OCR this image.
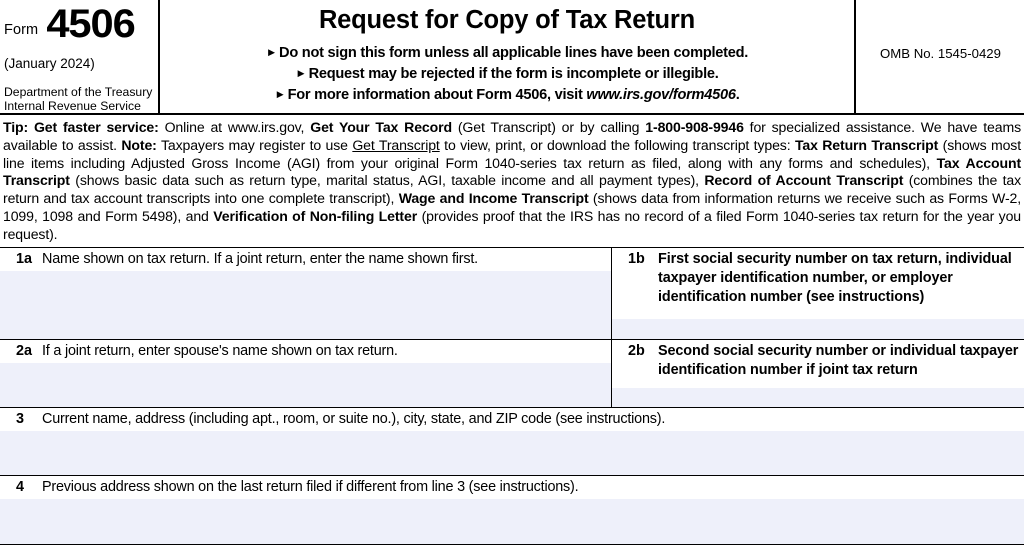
Form 4506
(January 2024)
Department of the Treasury
Internal Revenue Service
Request for Copy of Tax Return
► Do not sign this form unless all applicable lines have been completed.
► Request may be rejected if the form is incomplete or illegible.
► For more information about Form 4506, visit www.irs.gov/form4506.
OMB No. 1545-0429
Tip: Get faster service: Online at www.irs.gov, Get Your Tax Record (Get Transcript) or by calling 1-800-908-9946 for specialized assistance. We have teams available to assist. Note: Taxpayers may register to use Get Transcript to view, print, or download the following transcript types: Tax Return Transcript (shows most line items including Adjusted Gross Income (AGI) from your original Form 1040-series tax return as filed, along with any forms and schedules), Tax Account Transcript (shows basic data such as return type, marital status, AGI, taxable income and all payment types), Record of Account Transcript (combines the tax return and tax account transcripts into one complete transcript), Wage and Income Transcript (shows data from information returns we receive such as Forms W-2, 1099, 1098 and Form 5498), and Verification of Non-filing Letter (provides proof that the IRS has no record of a filed Form 1040-series tax return for the year you request).
1a Name shown on tax return. If a joint return, enter the name shown first.	1b First social security number on tax return, individual taxpayer identification number, or employer identification number (see instructions)
2a If a joint return, enter spouse's name shown on tax return.	2b Second social security number or individual taxpayer identification number if joint tax return
3	Current name, address (including apt., room, or suite no.), city, state, and ZIP code (see instructions).
4	Previous address shown on the last return filed if different from line 3 (see instructions).
